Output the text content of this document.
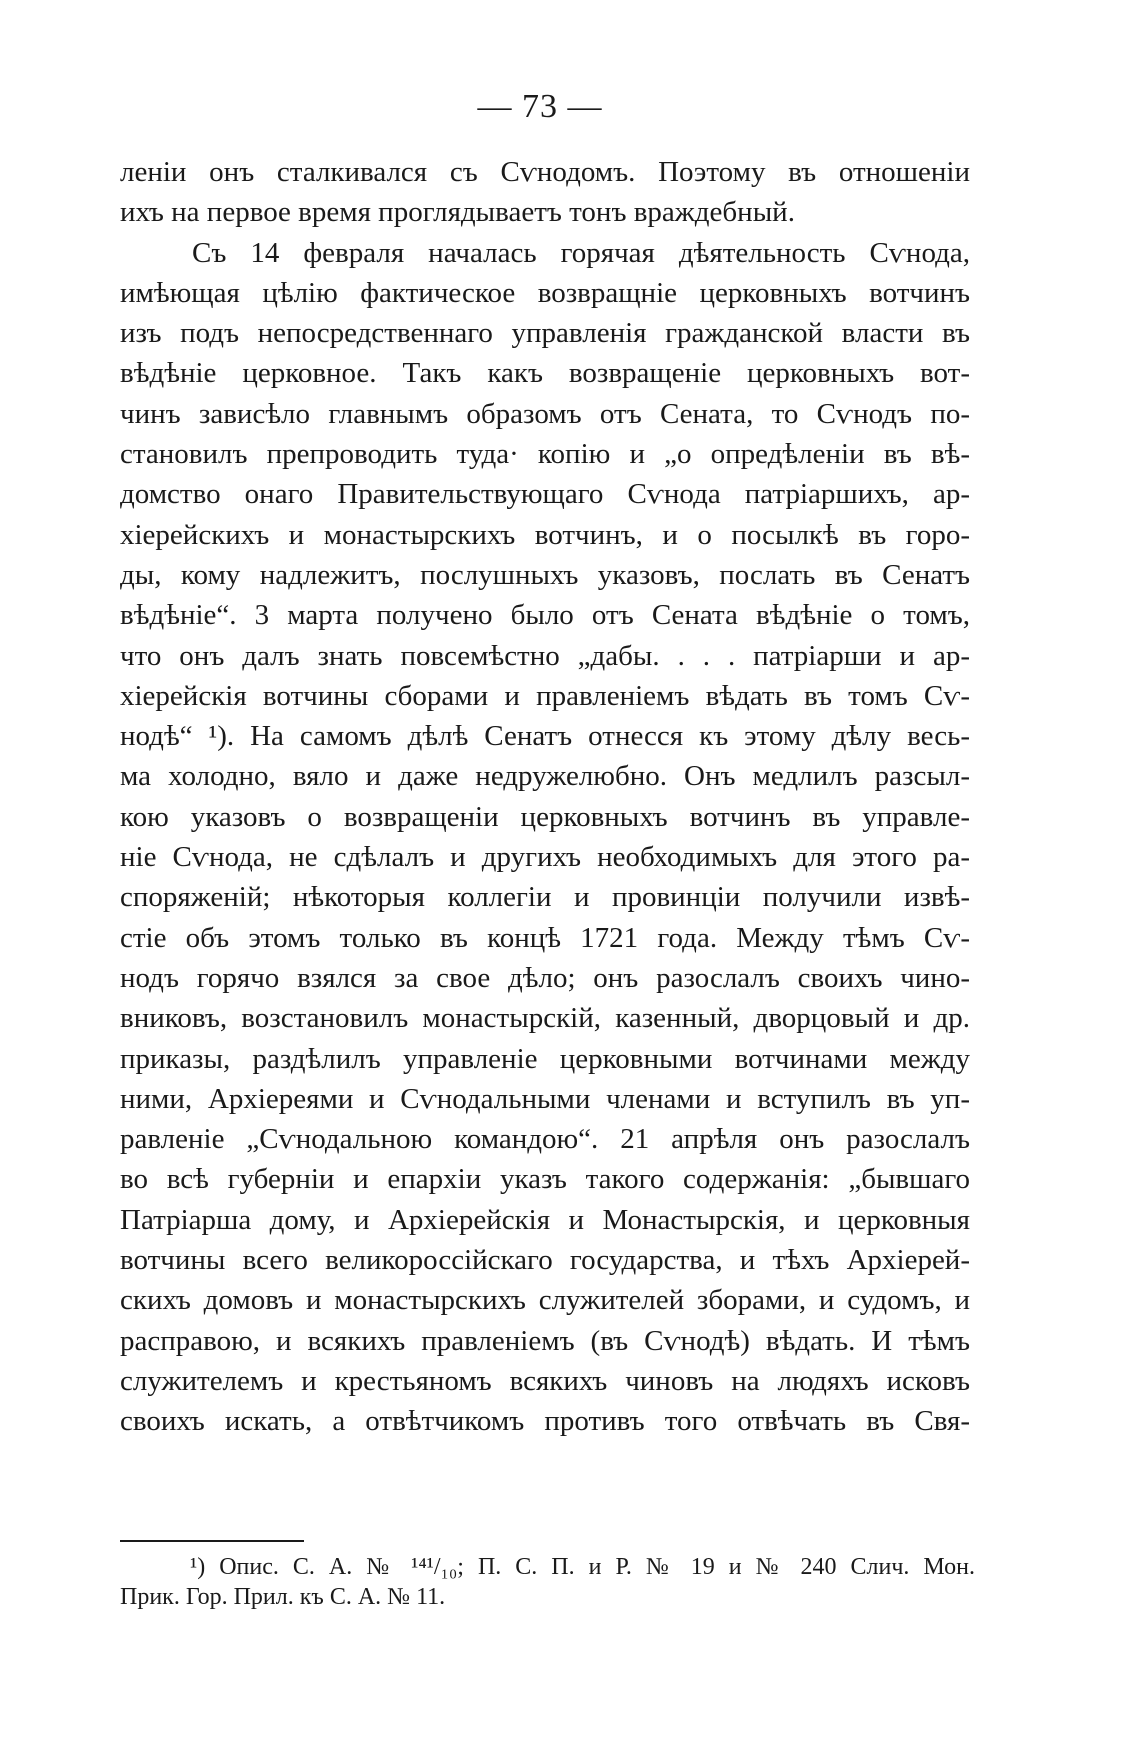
— 73 —
ленiи онъ сталкивался съ Сѵнодомъ. Поэтому въ отношенiи
ихъ на первое время проглядываетъ тонъ враждебный.
Съ 14 февраля началась горячая дѣятельность Сѵнода,
имѣющая цѣлiю фактическое возвращнiе церковныхъ вотчинъ
изъ подъ непосредственнаго управленiя гражданской власти въ
вѣдѣнiе церковное. Такъ какъ возвращенiе церковныхъ вот-
чинъ зависѣло главнымъ образомъ отъ Сената, то Сѵнодъ по-
становилъ препроводить туда· копiю и „о опредѣленiи въ вѣ-
домство онаго Правительствующаго Сѵнода патрiаршихъ, ар-
хiерейскихъ и монастырскихъ вотчинъ, и о посылкѣ въ горо-
ды, кому надлежитъ, послушныхъ указовъ, послать въ Сенатъ
вѣдѣнiе“. 3 марта получено было отъ Сената вѣдѣнiе о томъ,
что онъ далъ знать повсемѣстно „дабы. . . . патрiарши и ар-
хiерейскiя вотчины сборами и правленiемъ вѣдать въ томъ Сѵ-
нодѣ“ ¹). На самомъ дѣлѣ Сенатъ отнесся къ этому дѣлу весь-
ма холодно, вяло и даже недружелюбно. Онъ медлилъ разсыл-
кою указовъ о возвращенiи церковныхъ вотчинъ въ управле-
нiе Сѵнода, не сдѣлалъ и другихъ необходимыхъ для этого ра-
споряженiй; нѣкоторыя коллегiи и провинцiи получили извѣ-
стiе объ этомъ только въ концѣ 1721 года. Между тѣмъ Сѵ-
нодъ горячо взялся за свое дѣло; онъ разослалъ своихъ чино-
вниковъ, возстановилъ монастырскiй, казенный, дворцовый и др.
приказы, раздѣлилъ управленiе церковными вотчинами между
ними, Архiереями и Сѵнодальными членами и вступилъ въ уп-
равленiе „Сѵнодальною командою“. 21 апрѣля онъ разослалъ
во всѣ губернiи и епархiи указъ такого содержанiя: „бывшаго
Патрiарша дому, и Архiерейскiя и Монастырскiя, и церковныя
вотчины всего великороссiйскаго государства, и тѣхъ Архiерей-
скихъ домовъ и монастырскихъ служителей зборами, и судомъ, и
расправою, и всякихъ правленiемъ (въ Сѵнодѣ) вѣдать. И тѣмъ
служителемъ и крестьяномъ всякихъ чиновъ на людяхъ исковъ
своихъ искать, а отвѣтчикомъ противъ того отвѣчать въ Свя-
¹) Опис. С. А. № ¹⁴¹/₁₀; П. С. П. и Р. № 19 и № 240 Слич. Мон.
Прик. Гор. Прил. къ С. А. № 11.
